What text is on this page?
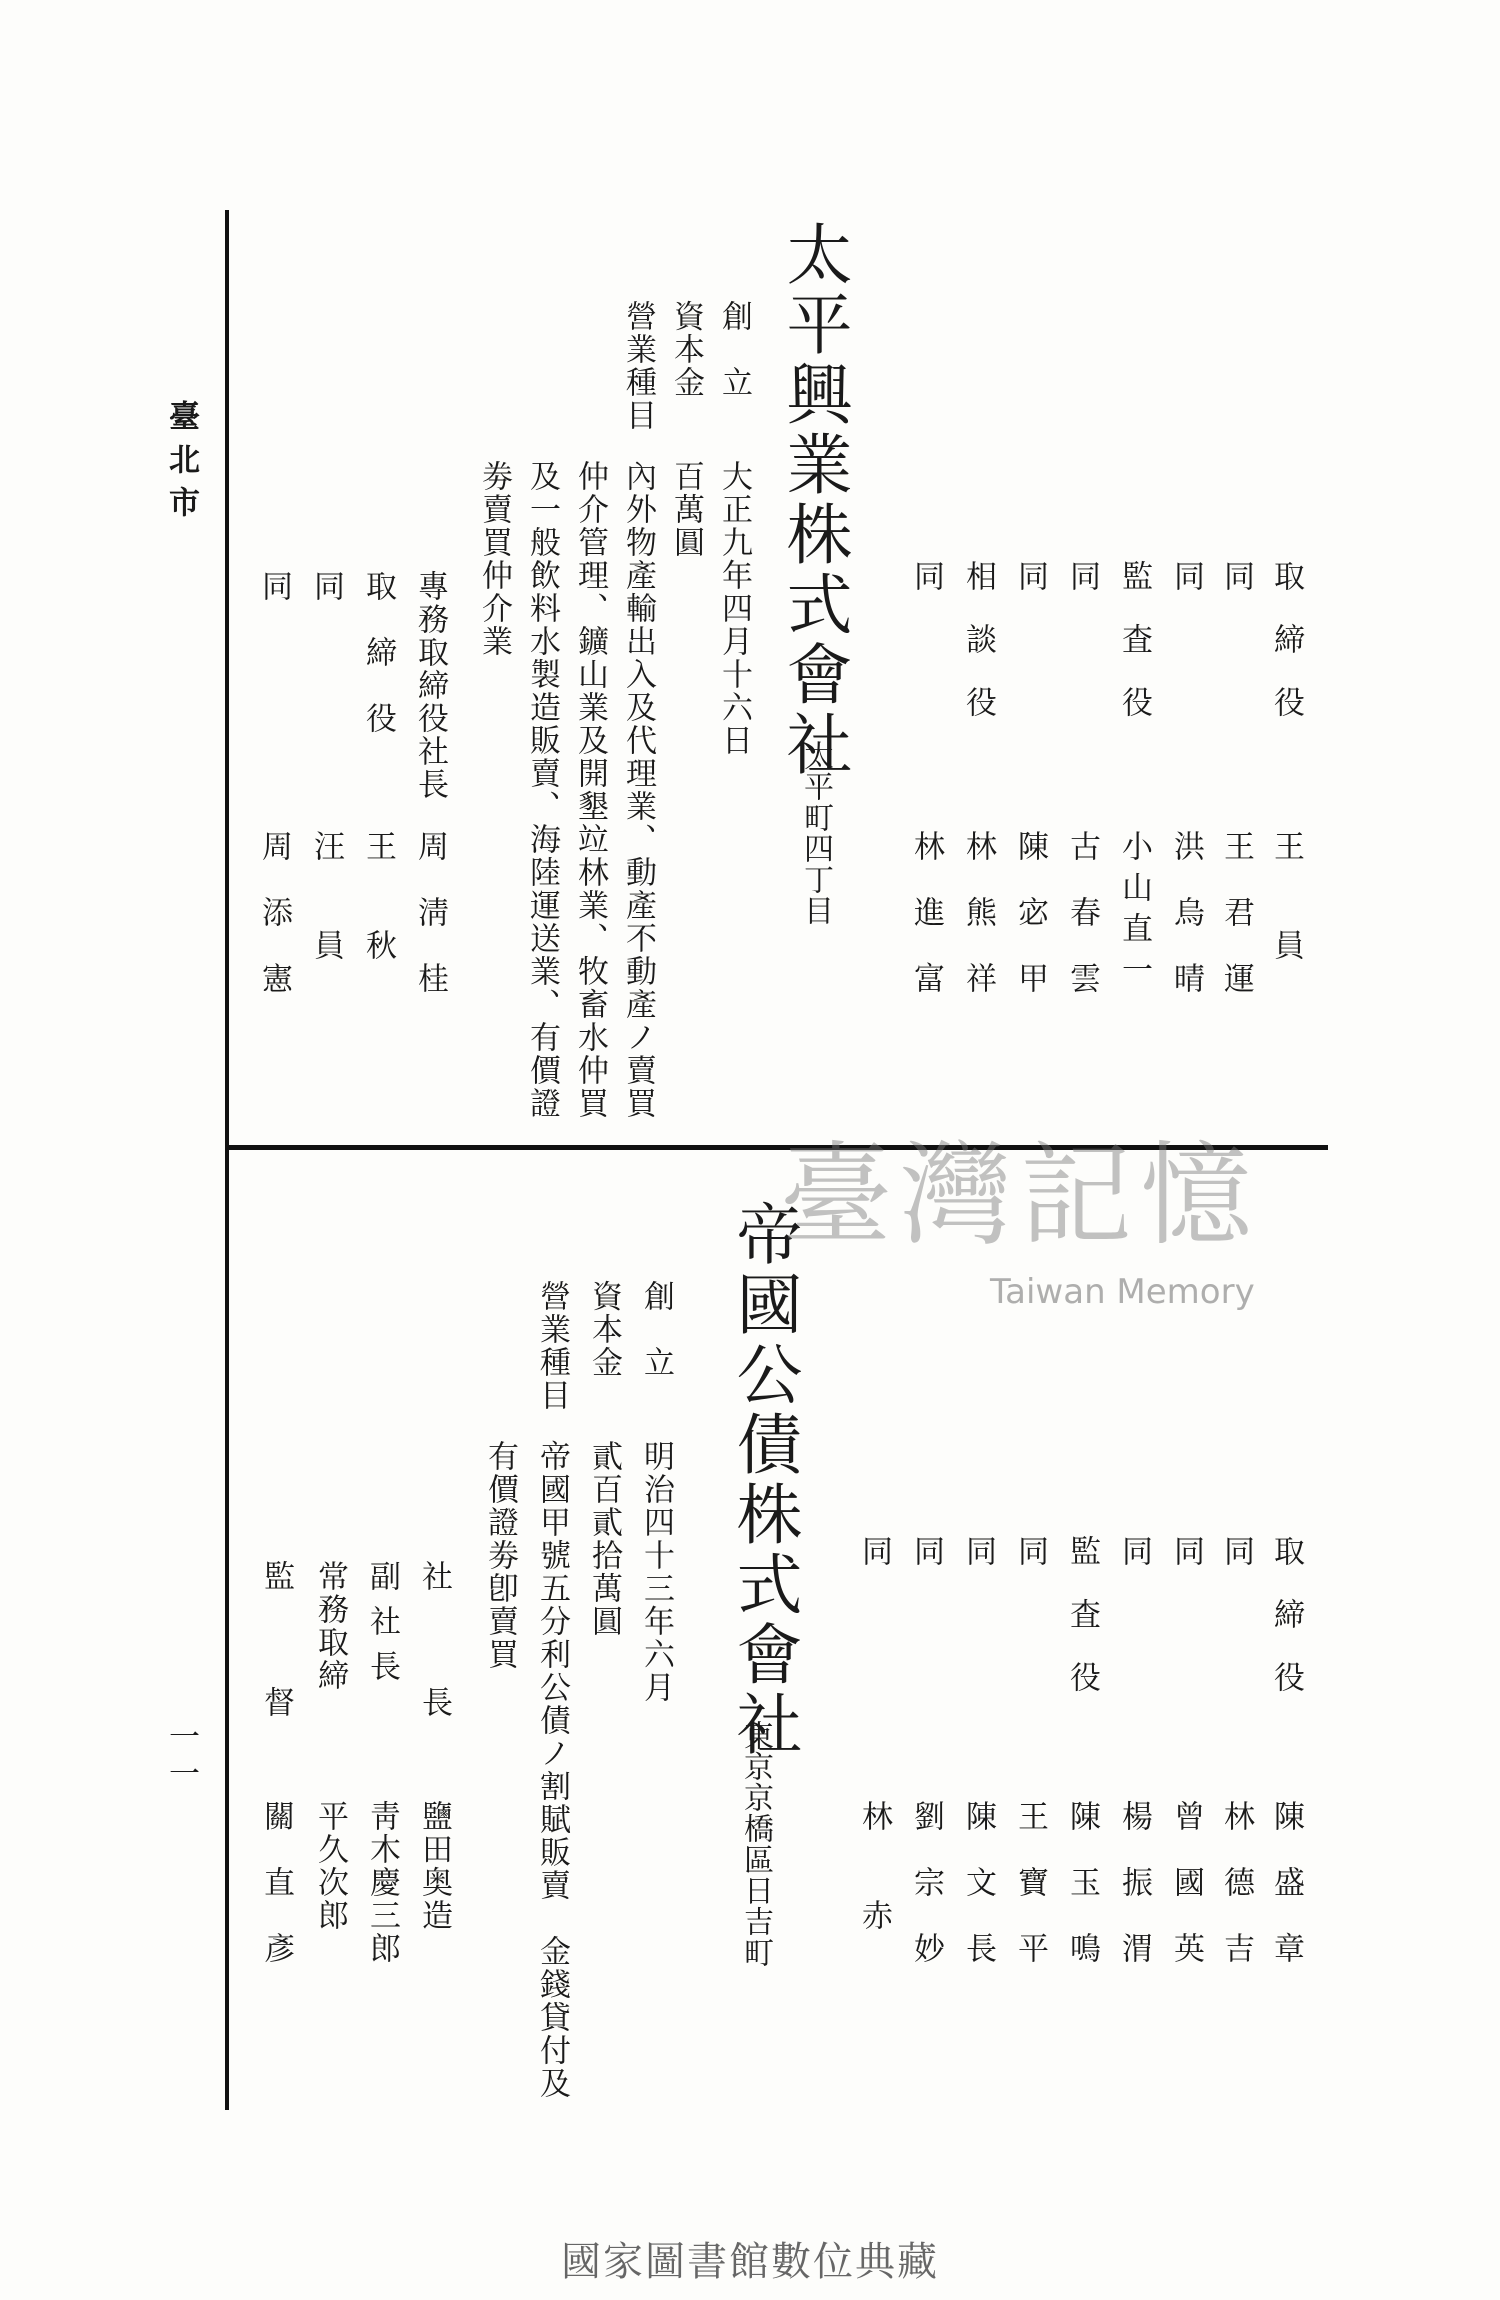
臺北市
一一
太平興業株式會社
太平町四丁目
創　立
大正九年四月十六日
資本金
百萬圓
營業種目
內外物產輸出入及代理業、動產不動產ノ賣買
仲介管理、鑛山業及開墾竝林業、牧畜水仲買
及一般飲料水製造販賣、海陸運送業、有價證
劵賣買仲介業
專務取締役社長
周　淸　桂
取　締　役
王　　秋
同
汪　　員
同
周　添　憲
取締役
王　　員
同
王　君　運
同
洪　烏　晴
監査役
小山直一
同
古　春　雲
同
陳　宓　甲
相談役
林　熊　祥
同
林　進　富
帝國公債株式會社
東京京橋區日吉町
創　立
明治四十三年六月
資本金
貳百貳拾萬圓
營業種目
帝國甲號五分利公債ノ割賦販賣　金錢貸付及
有價證劵卽賣買
社　長
鹽田奥造
副社長
靑木慶三郎
常務取締
平久次郎
監　督
關　直　彥
取締役
陳　盛　章
同
林　德　吉
同
曾　國　英
同
楊　振　渭
監査役
陳　玉　鳴
同
王　寶　平
同
陳　文　長
同
劉　宗　妙
同
林　　赤
臺灣記憶
Taiwan Memory
國家圖書館數位典藏
